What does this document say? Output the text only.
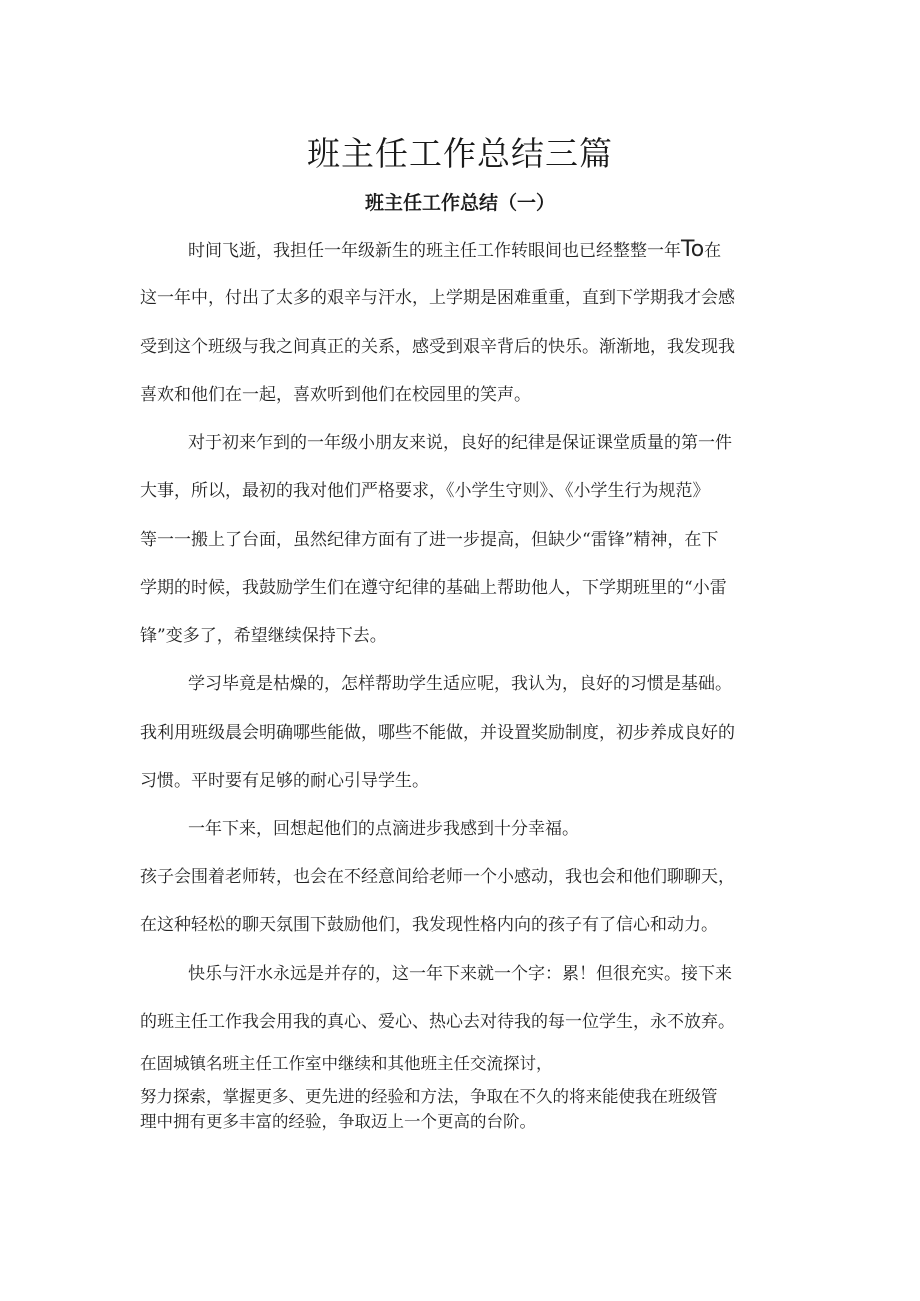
班主任工作总结三篇
班主任工作总结（一）
时间飞逝，我担任一年级新生的班主任工作转眼间也已经整整一年To在
这一年中，付出了太多的艰辛与汗水，上学期是困难重重，直到下学期我才会感
受到这个班级与我之间真正的关系，感受到艰辛背后的快乐。渐渐地，我发现我
喜欢和他们在一起，喜欢听到他们在校园里的笑声。
对于初来乍到的一年级小朋友来说，良好的纪律是保证课堂质量的第一件
大事，所以，最初的我对他们严格要求，《小学生守则》、《小学生行为规范》
等一一搬上了台面，虽然纪律方面有了进一步提高，但缺少“雷锋”精神，在下
学期的时候，我鼓励学生们在遵守纪律的基础上帮助他人，下学期班里的“小雷
锋”变多了，希望继续保持下去。
学习毕竟是枯燥的，怎样帮助学生适应呢，我认为，良好的习惯是基础。
我利用班级晨会明确哪些能做，哪些不能做，并设置奖励制度，初步养成良好的
习惯。平时要有足够的耐心引导学生。
一年下来，回想起他们的点滴进步我感到十分幸福。
孩子会围着老师转，也会在不经意间给老师一个小感动，我也会和他们聊聊天，
在这种轻松的聊天氛围下鼓励他们，我发现性格内向的孩子有了信心和动力。
快乐与汗水永远是并存的，这一年下来就一个字：累！但很充实。接下来
的班主任工作我会用我的真心、爱心、热心去对待我的每一位学生，永不放弃。
在固城镇名班主任工作室中继续和其他班主任交流探讨，
努力探索，掌握更多、更先进的经验和方法，争取在不久的将来能使我在班级管
理中拥有更多丰富的经验，争取迈上一个更高的台阶。
